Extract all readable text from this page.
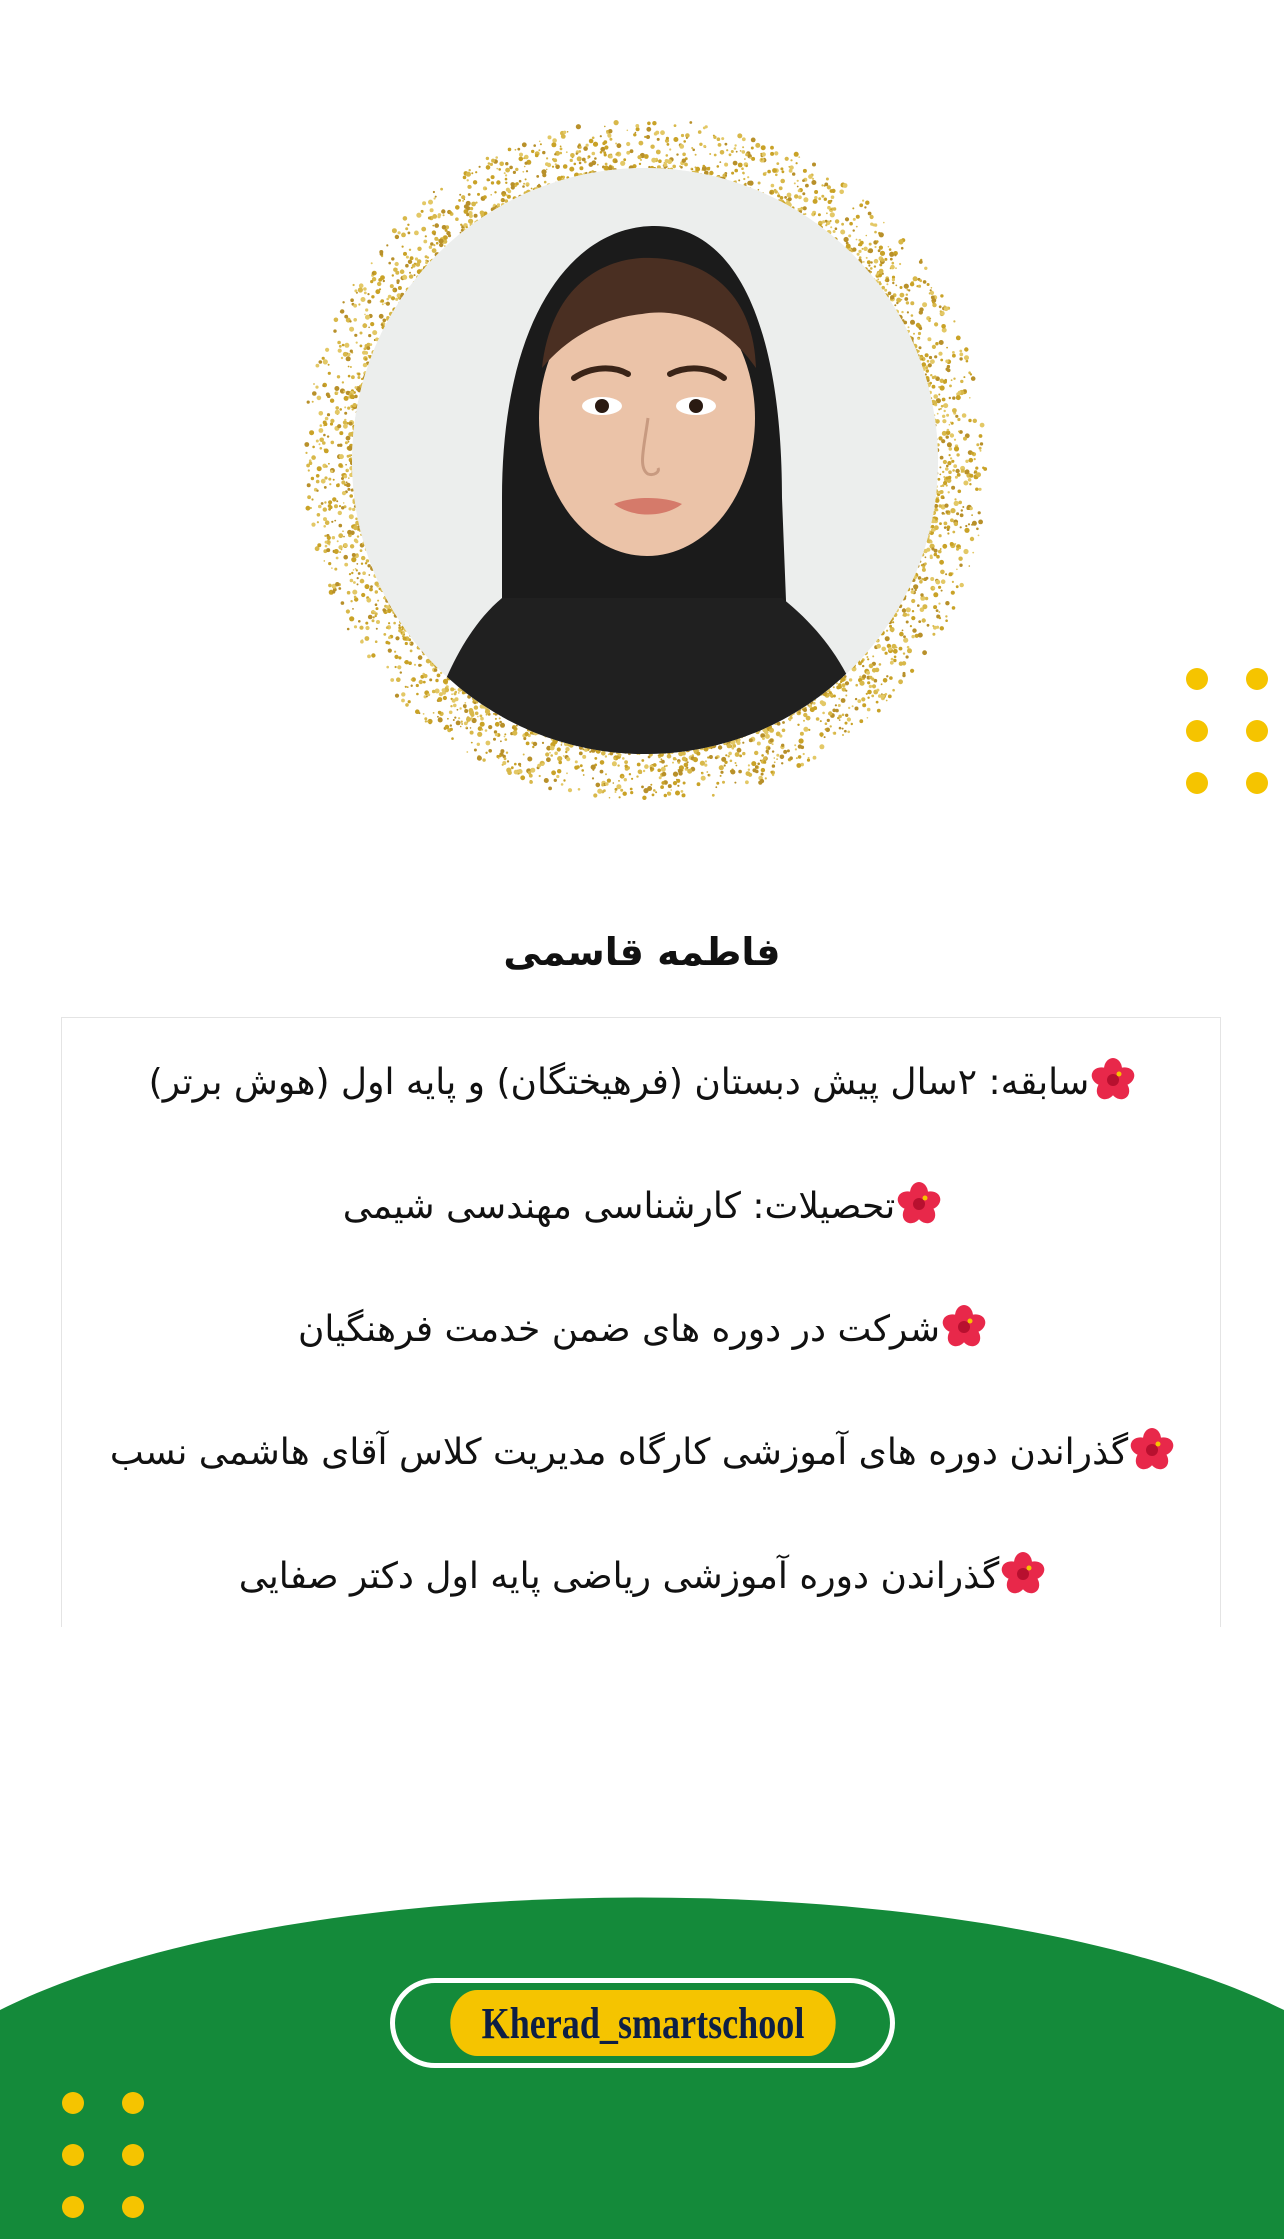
فاطمه قاسمی
سابقه: ۲سال پیش دبستان (فرهیختگان) و پایه اول (هوش برتر)
تحصیلات: کارشناسی مهندسی شیمی
شرکت در دوره های ضمن خدمت فرهنگیان
گذراندن دوره های آموزشی کارگاه مدیریت کلاس آقای هاشمی نسب
گذراندن دوره آموزشی ریاضی پایه اول دکتر صفایی
Kherad_smartschool
